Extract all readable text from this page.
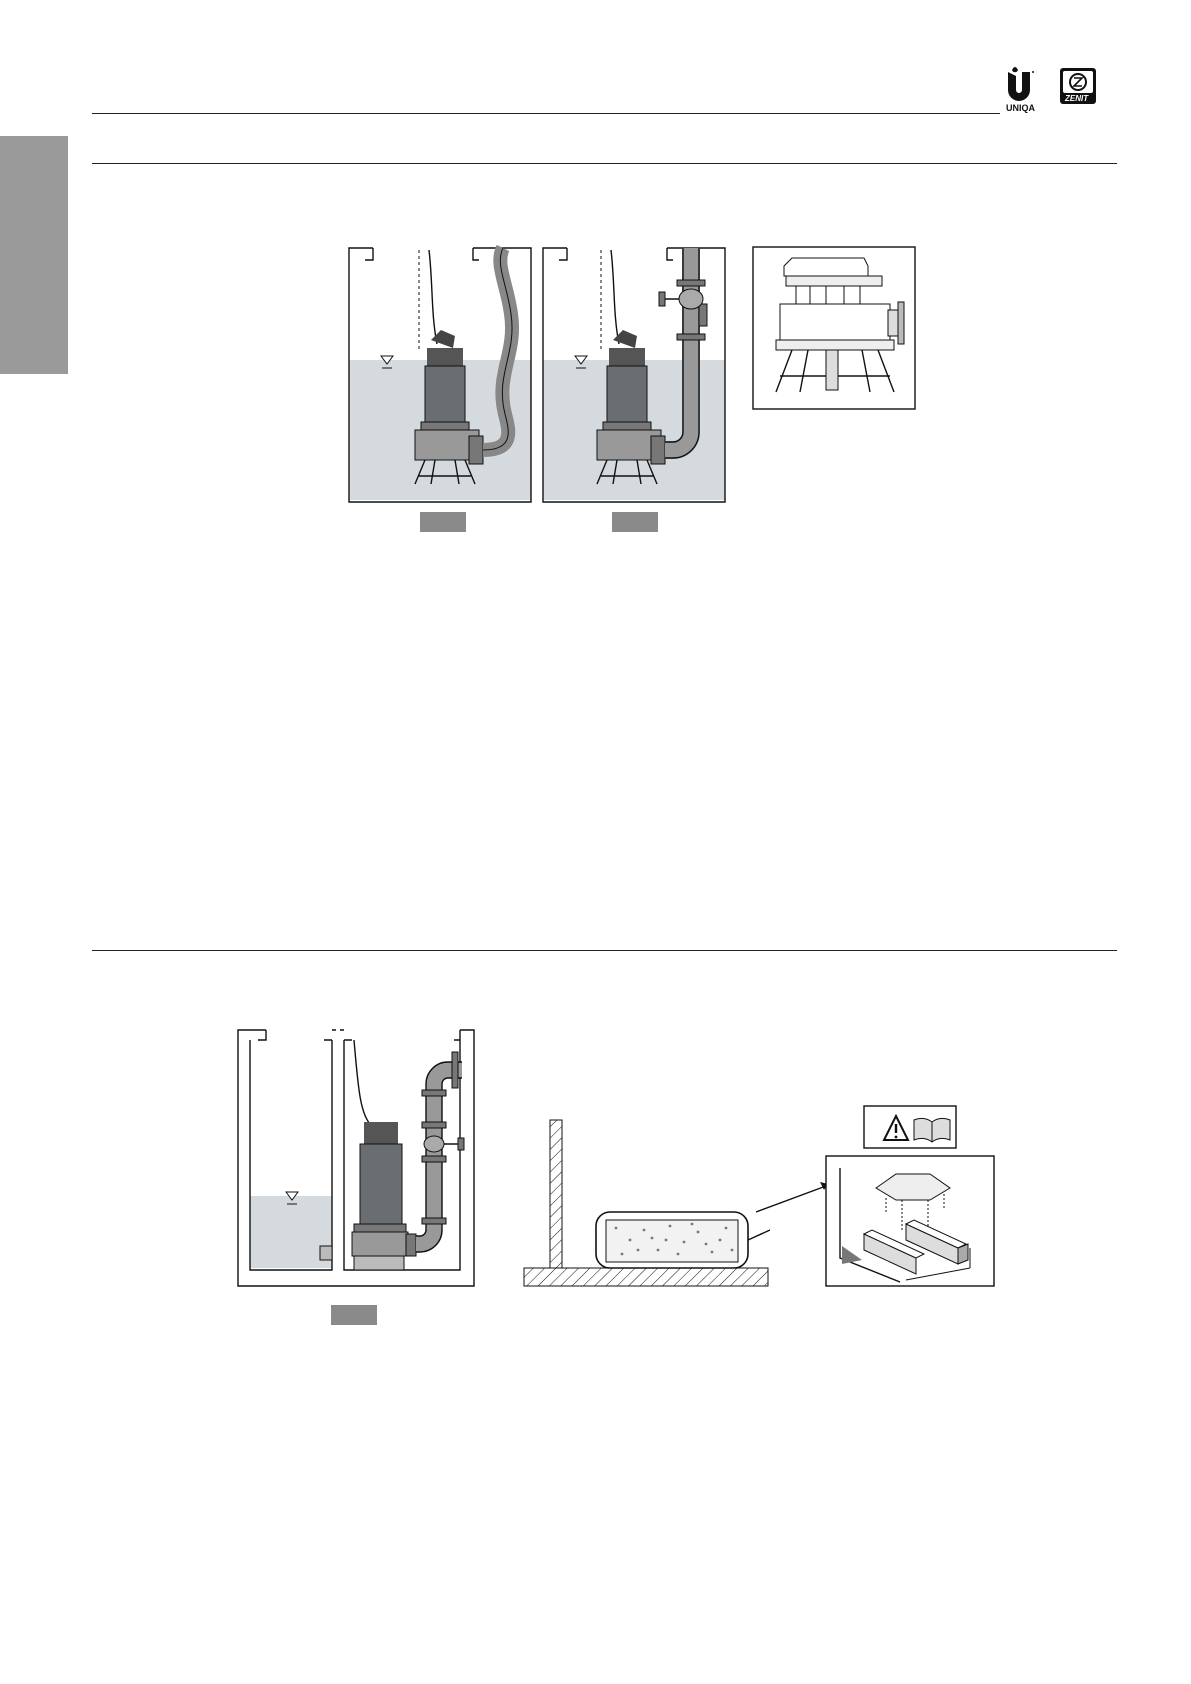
UNIQA
ZENIT
